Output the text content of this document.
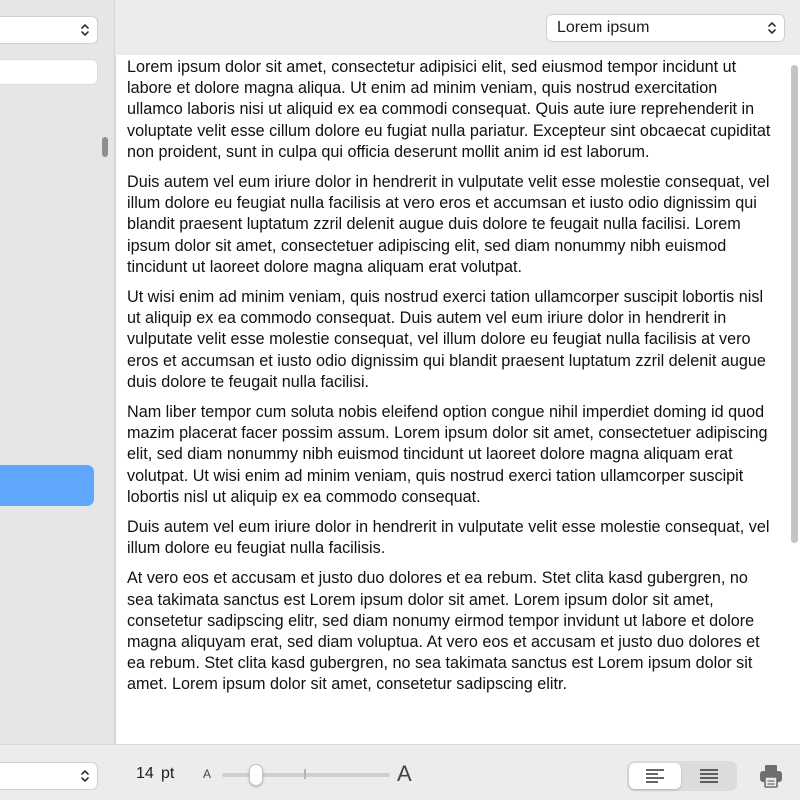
Lorem ipsum

Lorem ipsum dolor sit amet, consectetur adipisici elit, sed eiusmod tempor incidunt ut labore et dolore magna aliqua. Ut enim ad minim veniam, quis nostrud exercitation ullamco laboris nisi ut aliquid ex ea commodi consequat. Quis aute iure reprehenderit in voluptate velit esse cillum dolore eu fugiat nulla pariatur. Excepteur sint obcaecat cupiditat non proident, sunt in culpa qui officia deserunt mollit anim id est laborum.

Duis autem vel eum iriure dolor in hendrerit in vulputate velit esse molestie consequat, vel illum dolore eu feugiat nulla facilisis at vero eros et accumsan et iusto odio dignissim qui blandit praesent luptatum zzril delenit augue duis dolore te feugait nulla facilisi. Lorem ipsum dolor sit amet, consectetuer adipiscing elit, sed diam nonummy nibh euismod tincidunt ut laoreet dolore magna aliquam erat volutpat.

Ut wisi enim ad minim veniam, quis nostrud exerci tation ullamcorper suscipit lobortis nisl ut aliquip ex ea commodo consequat. Duis autem vel eum iriure dolor in hendrerit in vulputate velit esse molestie consequat, vel illum dolore eu feugiat nulla facilisis at vero eros et accumsan et iusto odio dignissim qui blandit praesent luptatum zzril delenit augue duis dolore te feugait nulla facilisi.

Nam liber tempor cum soluta nobis eleifend option congue nihil imperdiet doming id quod mazim placerat facer possim assum. Lorem ipsum dolor sit amet, consectetuer adipiscing elit, sed diam nonummy nibh euismod tincidunt ut laoreet dolore magna aliquam erat volutpat. Ut wisi enim ad minim veniam, quis nostrud exerci tation ullamcorper suscipit lobortis nisl ut aliquip ex ea commodo consequat.

Duis autem vel eum iriure dolor in hendrerit in vulputate velit esse molestie consequat, vel illum dolore eu feugiat nulla facilisis.

At vero eos et accusam et justo duo dolores et ea rebum. Stet clita kasd gubergren, no sea takimata sanctus est Lorem ipsum dolor sit amet. Lorem ipsum dolor sit amet, consetetur sadipscing elitr, sed diam nonumy eirmod tempor invidunt ut labore et dolore magna aliquyam erat, sed diam voluptua. At vero eos et accusam et justo duo dolores et ea rebum. Stet clita kasd gubergren, no sea takimata sanctus est Lorem ipsum dolor sit amet. Lorem ipsum dolor sit amet, consetetur sadipscing elitr.

14 pt A	A
